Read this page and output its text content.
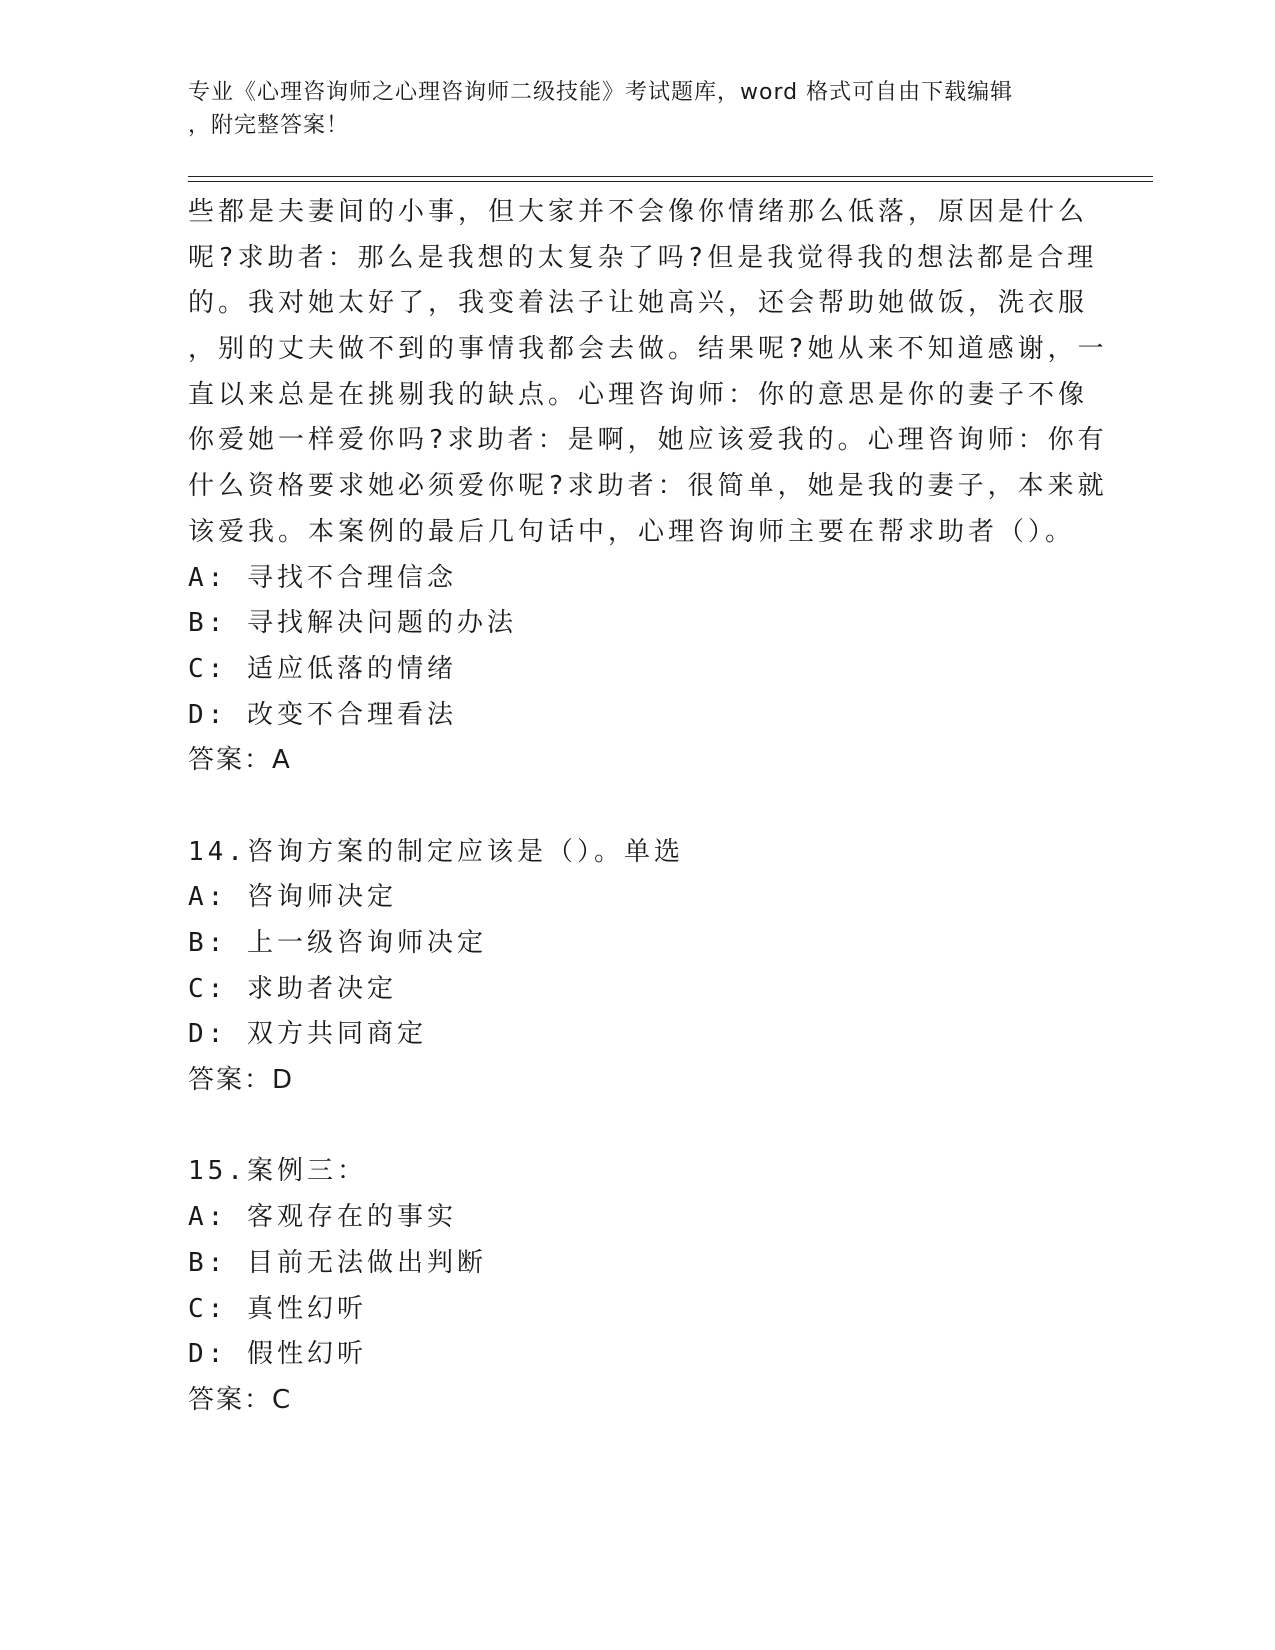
专业《心理咨询师之心理咨询师二级技能》考试题库，word 格式可自由下载编辑
，附完整答案！
些都是夫妻间的小事，但大家并不会像你情绪那么低落，原因是什么
呢?求助者：那么是我想的太复杂了吗?但是我觉得我的想法都是合理
的。我对她太好了，我变着法子让她高兴，还会帮助她做饭，洗衣服
，别的丈夫做不到的事情我都会去做。结果呢?她从来不知道感谢，一
直以来总是在挑剔我的缺点。心理咨询师：你的意思是你的妻子不像
你爱她一样爱你吗?求助者：是啊，她应该爱我的。心理咨询师：你有
什么资格要求她必须爱你呢?求助者：很简单，她是我的妻子，本来就
该爱我。本案例的最后几句话中，心理咨询师主要在帮求助者（）。
A: 寻找不合理信念
B: 寻找解决问题的办法
C: 适应低落的情绪
D: 改变不合理看法
答案：A
14.咨询方案的制定应该是（）。单选
A: 咨询师决定
B: 上一级咨询师决定
C: 求助者决定
D: 双方共同商定
答案：D
15.案例三：
A: 客观存在的事实
B: 目前无法做出判断
C: 真性幻听
D: 假性幻听
答案：C
